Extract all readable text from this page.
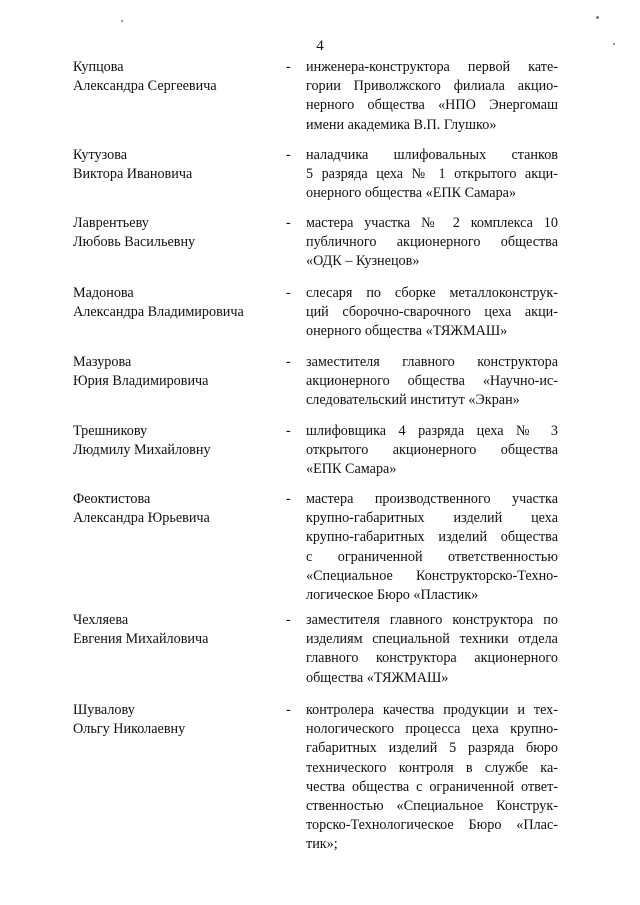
4
Купцова
Александра Сергеевича
-	инженера-конструктора первой кате-
гории Приволжского филиала акцио-
нерного общества «НПО Энергомаш
имени академика В.П. Глушко»
Кутузова
Виктора Ивановича
-	наладчика шлифовальных станков
5 разряда цеха № 1 открытого акци-
онерного общества «ЕПК Самара»
Лаврентьеву
Любовь Васильевну
-	мастера участка № 2 комплекса 10
публичного акционерного общества
«ОДК – Кузнецов»
Мадонова
Александра Владимировича
-	слесаря по сборке металлоконструк-
ций сборочно-сварочного цеха акци-
онерного общества «ТЯЖМАШ»
Мазурова
Юрия Владимировича
-	заместителя главного конструктора
акционерного общества «Научно-ис-
следовательский институт «Экран»
Трешникову
Людмилу Михайловну
-	шлифовщика 4 разряда цеха № 3
открытого акционерного общества
«ЕПК Самара»
Феоктистова
Александра Юрьевича
-	мастера производственного участка
крупно-габаритных изделий цеха
крупно-габаритных изделий общества
с ограниченной ответственностью
«Специальное Конструкторско-Техно-
логическое Бюро «Пластик»
Чехляева
Евгения Михайловича
-	заместителя главного конструктора по
изделиям специальной техники отдела
главного конструктора акционерного
общества «ТЯЖМАШ»
Шувалову
Ольгу Николаевну
-	контролера качества продукции и тех-
нологического процесса цеха крупно-
габаритных изделий 5 разряда бюро
технического контроля в службе ка-
чества общества с ограниченной ответ-
ственностью «Специальное Конструк-
торско-Технологическое Бюро «Плас-
тик»;
